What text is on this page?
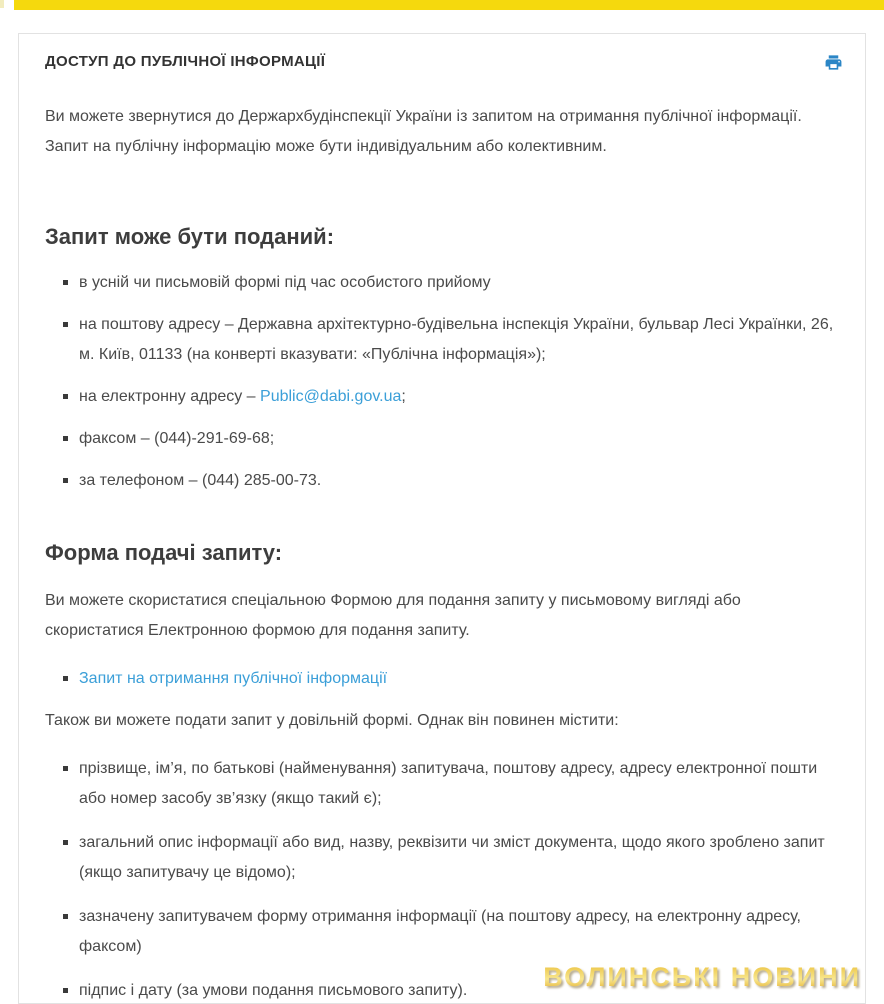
ДОСТУП ДО ПУБЛІЧНОЇ ІНФОРМАЦІЇ

Ви можете звернутися до Держархбудінспекції України із запитом на отримання публічної інформації. Запит на публічну інформацію може бути індивідуальним або колективним.

Запит може бути поданий:
в усній чи письмовій формі під час особистого прийому
на поштову адресу – Державна архітектурно-будівельна інспекція України, бульвар Лесі Українки, 26, м. Київ, 01133 (на конверті вказувати: «Публічна інформація»);
на електронну адресу – Public@dabi.gov.ua;
факсом – (044)-291-69-68;
за телефоном – (044) 285-00-73.
Форма подачі запиту:

Ви можете скористатися спеціальною Формою для подання запиту у письмовому вигляді або скористатися Електронною формою для подання запиту.

Запит на отримання публічної інформації

Також ви можете подати запит у довільній формі. Однак він повинен містити:

прізвище, ім’я, по батькові (найменування) запитувача, поштову адресу, адресу електронної пошти або номер засобу зв’язку (якщо такий є);
загальний опис інформації або вид, назву, реквізити чи зміст документа, щодо якого зроблено запит (якщо запитувачу це відомо);
зазначену запитувачем форму отримання інформації (на поштову адресу, на електронну адресу, факсом)
підпис і дату (за умови подання письмового запиту).	ВОЛИНСЬКІ НОВИНИ
